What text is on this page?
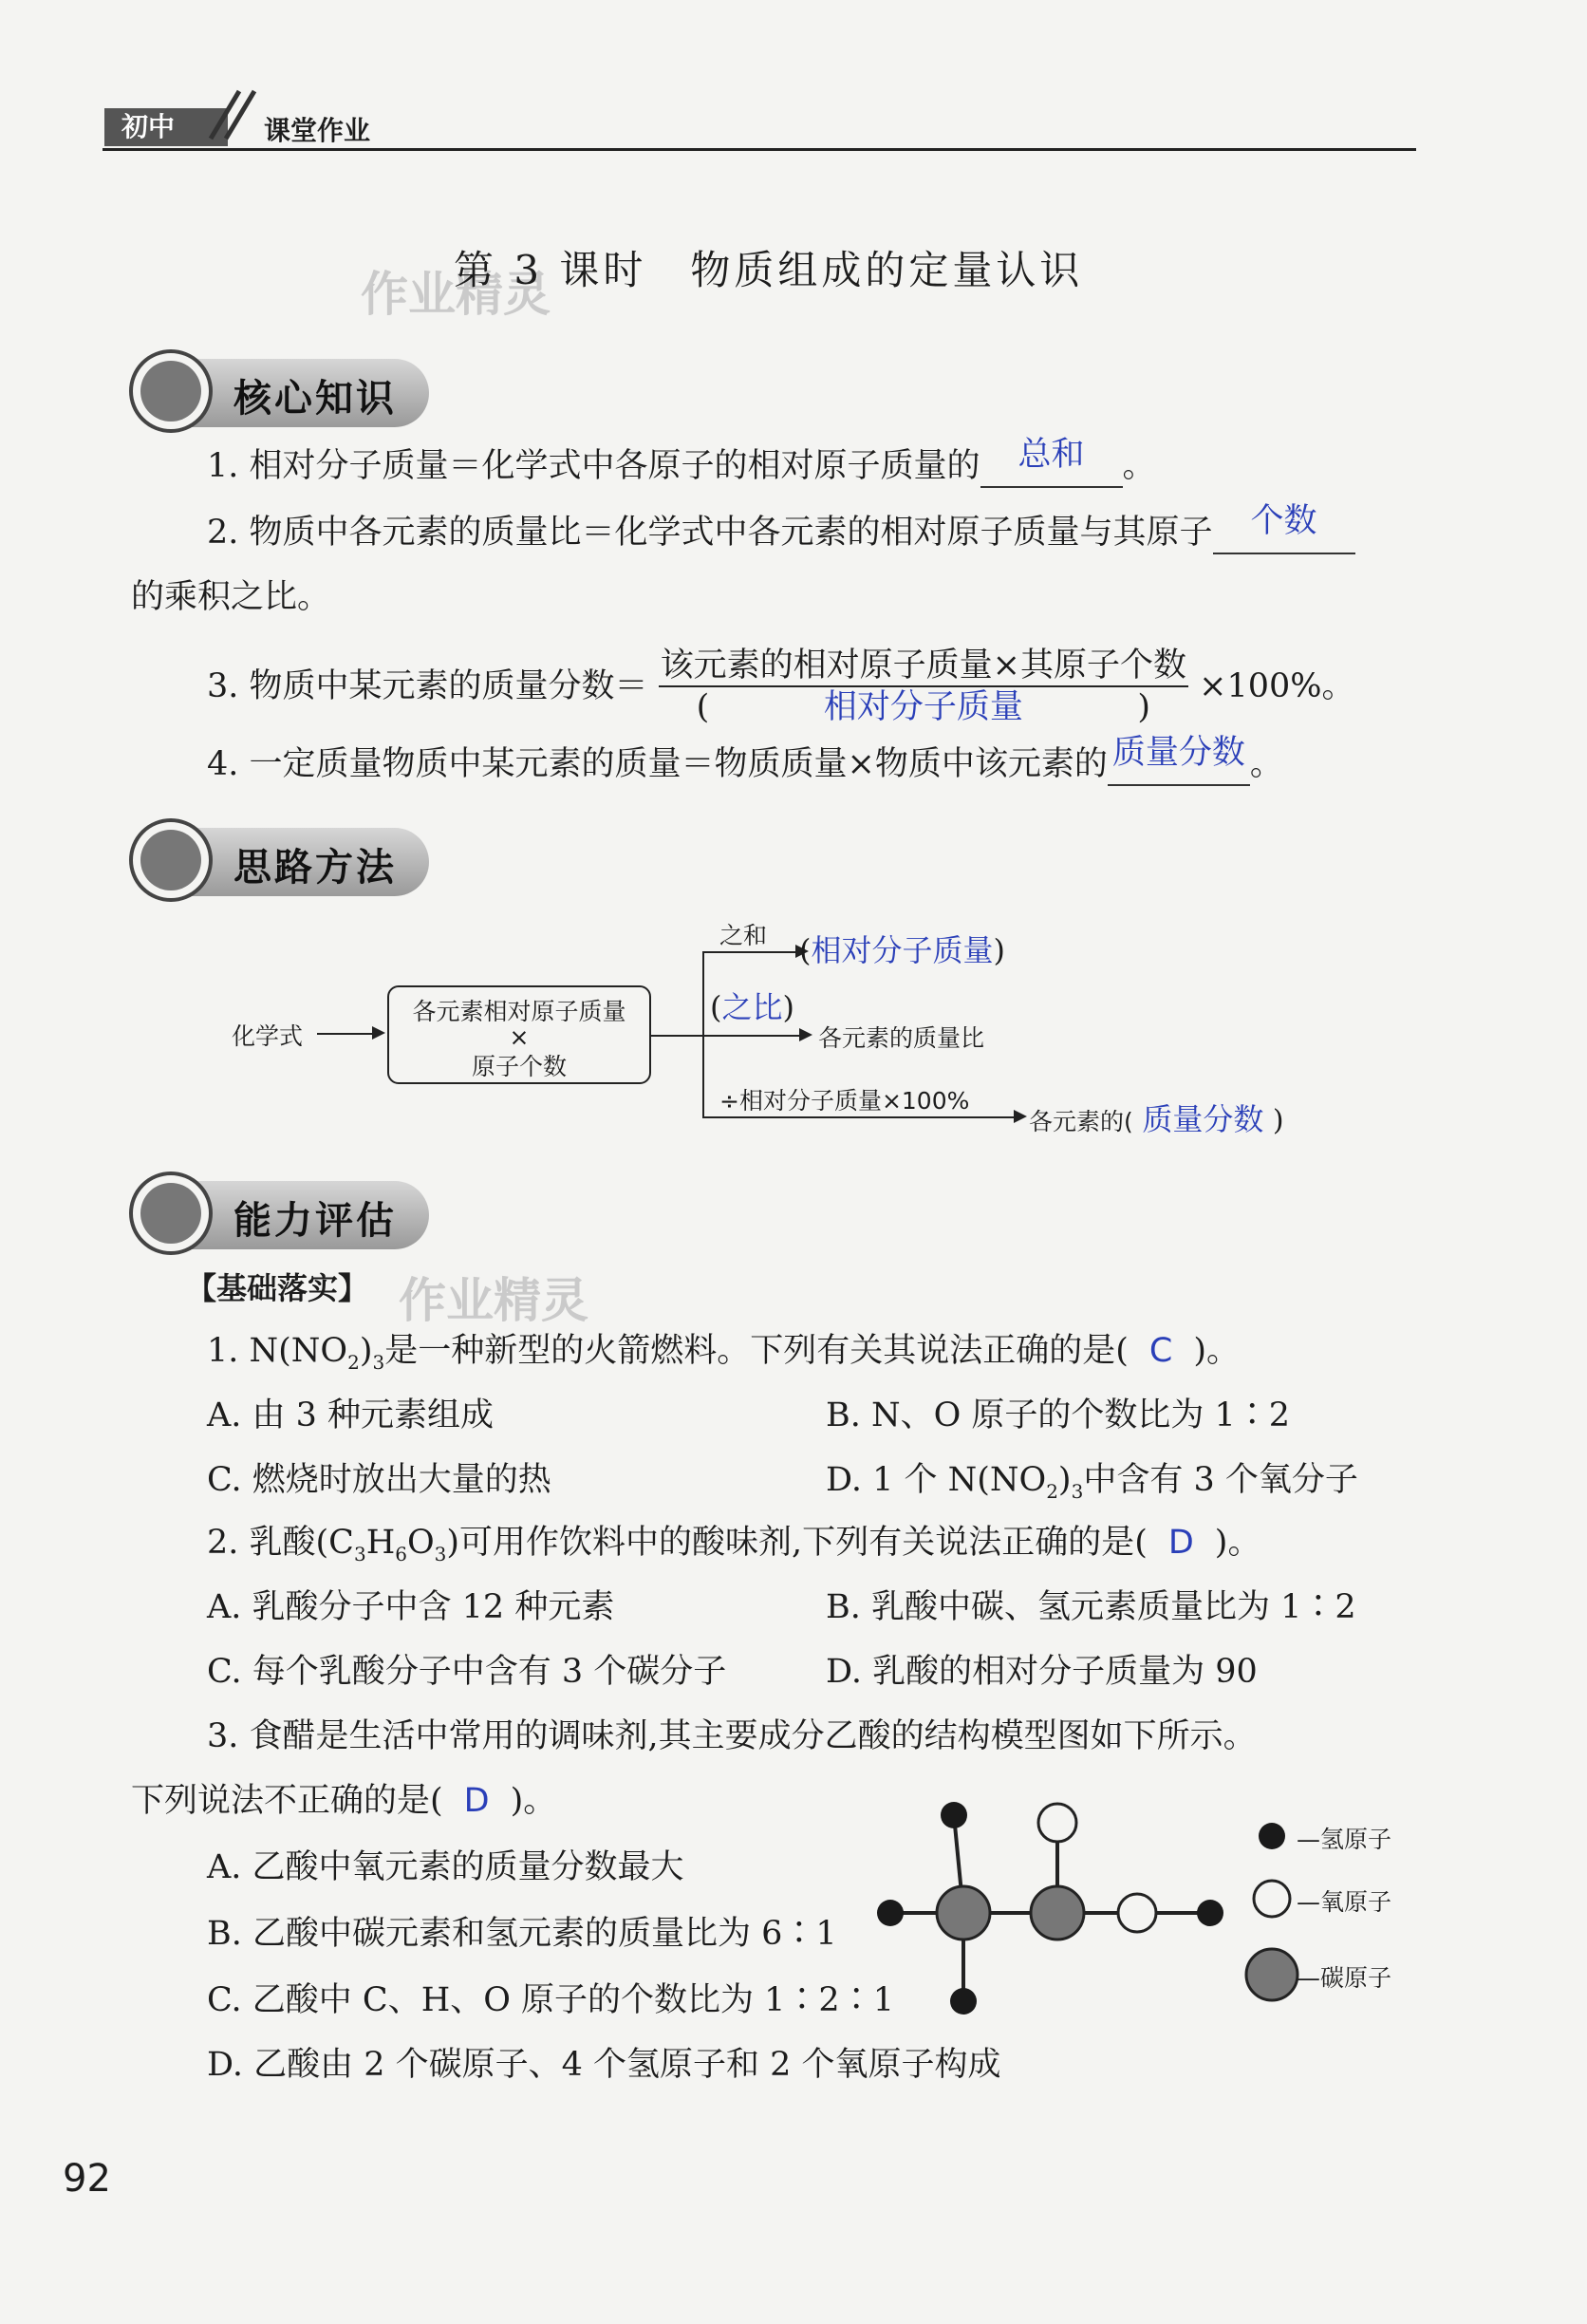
初中	课堂作业
作业精灵
第 3 课时　物质组成的定量认识
核心知识
1. 相对分子质量＝化学式中各原子的相对原子质量的 总和 。
2. 物质中各元素的质量比＝化学式中各元素的相对原子质量与其原子 个数
的乘积之比。
3. 物质中某元素的质量分数＝ 该元素的相对原子质量×其原子个数
(	相对分子质量	) ×100%。
4. 一定质量物质中某元素的质量＝物质质量×物质中该元素的 质量分数 。
思路方法
化学式
各元素相对原子质量
×
原子个数
之和 (相对分子质量)
(之比)
各元素的质量比
÷相对分子质量×100%
各元素的( 质量分数 )
能力评估
作业精灵
【基础落实】
1. $N(NO_2)_3$是一种新型的火箭燃料。下列有关其说法正确的是( C )。
A. 由 3 种元素组成	B. N、O 原子的个数比为 1∶2
C. 燃烧时放出大量的热	D. 1 个 $N(NO_2)_3$中含有 3 个氧分子
2. 乳酸$(C_3H_6O_3)$可用作饮料中的酸味剂,下列有关说法正确的是( D )。
A. 乳酸分子中含 12 种元素	B. 乳酸中碳、氢元素质量比为 1∶2
C. 每个乳酸分子中含有 3 个碳分子	D. 乳酸的相对分子质量为 90
3. 食醋是生活中常用的调味剂,其主要成分乙酸的结构模型图如下所示。
下列说法不正确的是( D )。
A. 乙酸中氧元素的质量分数最大
B. 乙酸中碳元素和氢元素的质量比为 6∶1
C. 乙酸中 C、H、O 原子的个数比为 1∶2∶1
D. 乙酸由 2 个碳原子、4 个氢原子和 2 个氧原子构成
—氢原子
—氧原子
—碳原子
92
